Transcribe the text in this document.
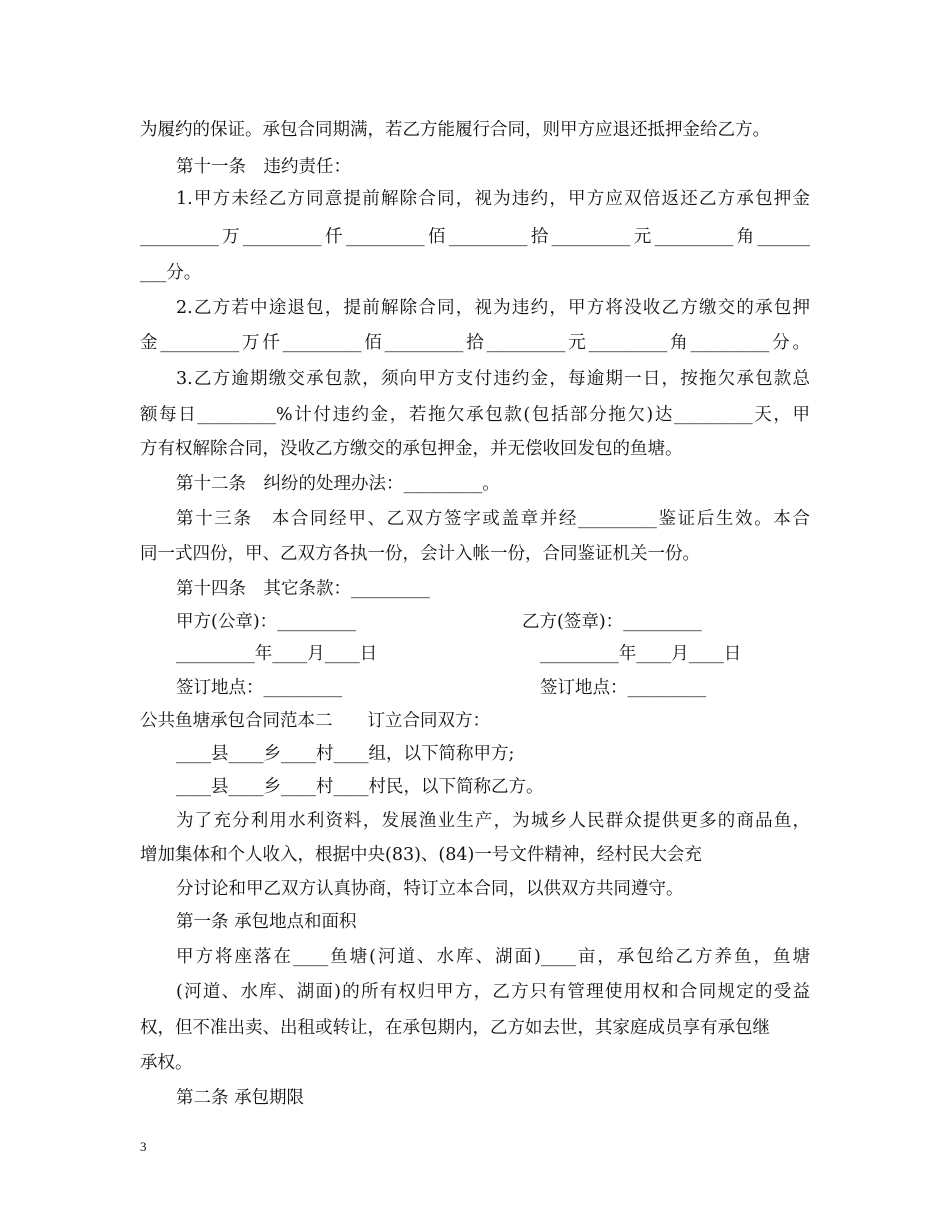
为履约的保证。承包合同期满，若乙方能履行合同，则甲方应退还抵押金给乙方。
第十一条　违约责任：
1.甲方未经乙方同意提前解除合同，视为违约，甲方应双倍返还乙方承包押金
_________万_________仟_________佰_________拾_________元_________角______
___分。
2.乙方若中途退包，提前解除合同，视为违约，甲方将没收乙方缴交的承包押
金_________万仟_________佰_________拾_________元_________角_________分。
3.乙方逾期缴交承包款，须向甲方支付违约金，每逾期一日，按拖欠承包款总
额每日_________%计付违约金，若拖欠承包款(包括部分拖欠)达_________天，甲
方有权解除合同，没收乙方缴交的承包押金，并无偿收回发包的鱼塘。
第十二条　纠纷的处理办法：_________。
第十三条　本合同经甲、乙双方签字或盖章并经_________鉴证后生效。本合
同一式四份，甲、乙双方各执一份，会计入帐一份，合同鉴证机关一份。
第十四条　其它条款：_________
甲方(公章)：_________	乙方(签章)：_________
_________年____月____日	_________年____月____日
签订地点：_________	签订地点：_________
公共鱼塘承包合同范本二　　订立合同双方：
____县____乡____村____组，以下简称甲方;
____县____乡____村____村民，以下简称乙方。
为了充分利用水利资料，发展渔业生产，为城乡人民群众提供更多的商品鱼，
增加集体和个人收入，根据中央(83)、(84)一号文件精神，经村民大会充
分讨论和甲乙双方认真协商，特订立本合同，以供双方共同遵守。
第一条 承包地点和面积
甲方将座落在____鱼塘(河道、水库、湖面)____亩，承包给乙方养鱼，鱼塘
(河道、水库、湖面)的所有权归甲方，乙方只有管理使用权和合同规定的受益
权，但不准出卖、出租或转让，在承包期内，乙方如去世，其家庭成员享有承包继
承权。
第二条 承包期限
3
